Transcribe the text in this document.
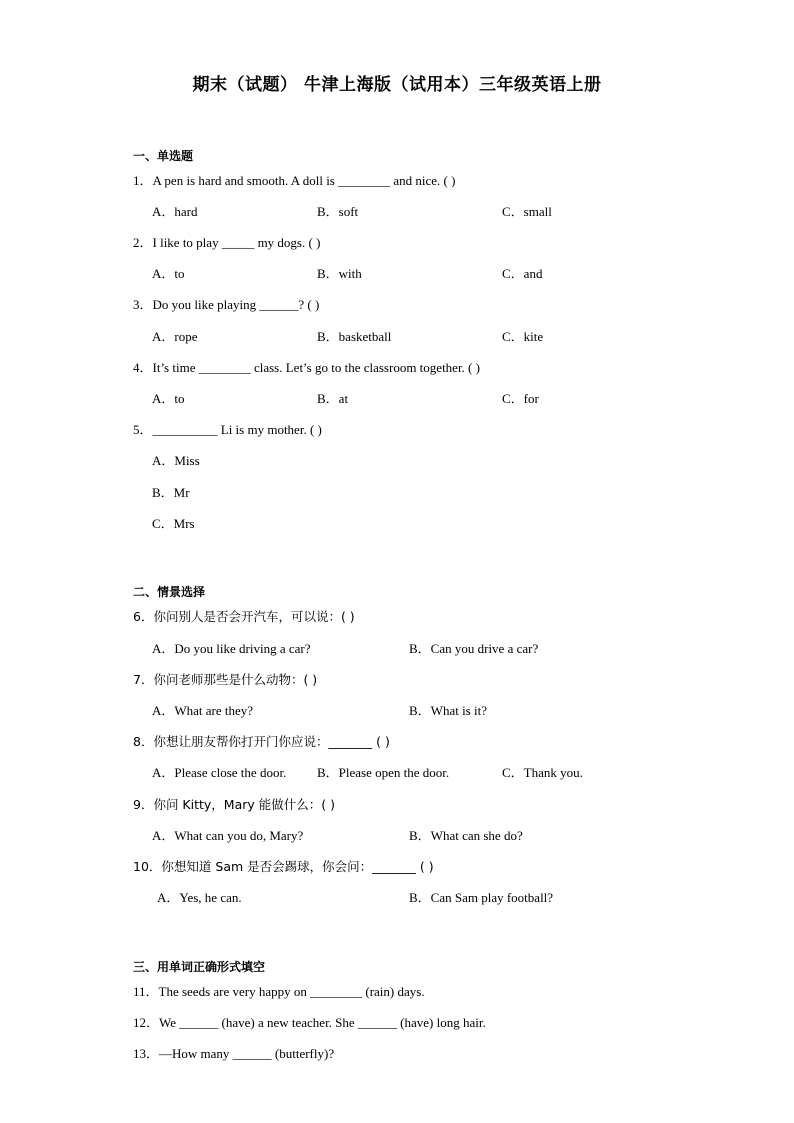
期末（试题） 牛津上海版（试用本）三年级英语上册
一、单选题
1．A pen is hard and smooth. A doll is ________ and nice. ( )
A．hard	B．soft	C．small
2．I like to play _____ my dogs. ( )
A．to	B．with	C．and
3．Do you like playing ______? ( )
A．rope	B．basketball	C．kite
4．It’s time ________ class. Let’s go to the classroom together. ( )
A．to	B．at	C．for
5．__________ Li is my mother. ( )
A．Miss
B．Mr
C．Mrs
二、情景选择
6．你问别人是否会开汽车，可以说：( )
A．Do you like driving a car?	B．Can you drive a car?
7．你问老师那些是什么动物：( )
A．What are they?	B．What is it?
8．你想让朋友帮你打开门你应说：_______ ( )
A．Please close the door. B．Please open the door.	C．Thank you.
9．你问 Kitty，Mary 能做什么：( )
A．What can you do, Mary?	B．What can she do?
10．你想知道 Sam 是否会踢球，你会问：_______ ( )
A．Yes, he can.	B．Can Sam play football?
三、用单词正确形式填空
11．The seeds are very happy on ________ (rain) days.
12．We ______ (have) a new teacher. She ______ (have) long hair.
13．—How many ______ (butterfly)?
